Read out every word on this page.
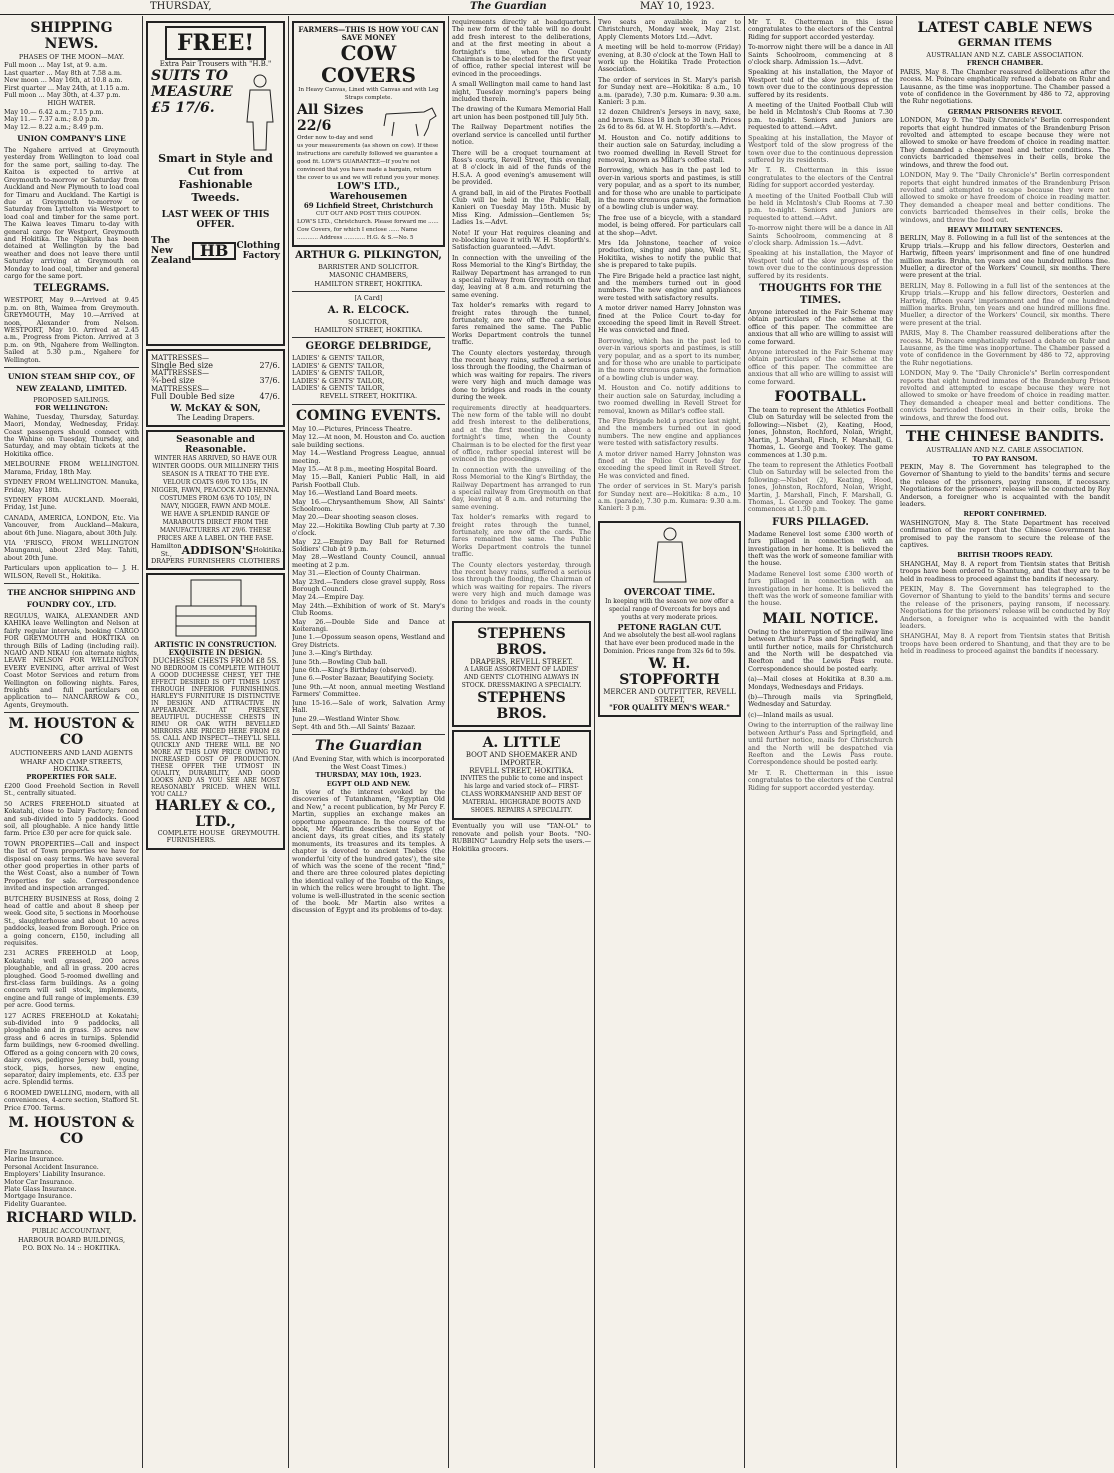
THURSDAY,	The Guardian	MAY 10, 1923.
SHIPPING NEWS.
PHASES OF THE MOON—MAY.
Full moon ... May 1st, at 9. a.m.
Last quarter ... May 8th at 7.58 a.m.
New moon ... May 16th, at 10.8 a.m.
First quarter ... May 24th, at 1.15 a.m.
Full moon ... May 30th, at 4.37 p.m.
HIGH WATER.
May 10.— 6.42 a.m.; 7.15 p.m.
May 11.— 7.37 a.m.; 8.0 p.m.
May 12.— 8.22 a.m.; 8.49 p.m.
UNION COMPANY'S LINE
The Ngahere arrived at Greymouth yesterday from Wellington to load coal for the same port, sailing to-day. The Kaitoa is expected to arrive at Greymouth to-morrow or Saturday from Auckland and New Plymouth to load coal for Timaru and Auckland. The Kartigi is due at Greymouth to-morrow or Saturday from Lyttelton via Westport to load coal and timber for the same port. The Kaiwa leaves Timaru to-day with general cargo for Westport, Greymouth and Hokitika. The Ngakuta has been detained at Wellington by the bad weather and does not leave there until Saturday arriving at Greymouth on Monday to load coal, timber and general cargo for the same port.
TELEGRAMS.
WESTPORT, May 9.—Arrived at 9.45 p.m. on 8th, Waimea from Greymouth. GREYMOUTH, May 10.—Arrived at noon, Alexander from Nelson. WESTPORT, May 10. Arrived at 2.45 a.m., Progress from Picton. Arrived at 3 p.m. on 9th, Ngahere from Wellington. Sailed at 5.30 p.m., Ngahere for Wellington.
UNION STEAM SHIP COY., OF NEW ZEALAND, LIMITED.
PROPOSED SAILINGS.
FOR WELLINGTON:
Wahine, Tuesday, Thursday, Saturday. Maori, Monday, Wednesday, Friday. Coast passengers should connect with the Wahine on Tuesday, Thursday, and Saturday, and may obtain tickets at the Hokitika office.
MELBOURNE FROM WELLINGTON. Marama, Friday, 18th May.
SYDNEY FROM WELLINGTON. Manuka, Friday, May 18th.
SYDNEY FROM AUCKLAND. Moeraki, Friday, 1st June.
CANADA, AMERICA, LONDON, Etc. Via Vancouver, from Auckland—Makura, about 6th June. Niagara, about 30th July.
VIA 'FRISCO, FROM WELLINGTON Maunganui, about 23rd May. Tahiti, about 20th June.
Particulars upon application to— J. H. WILSON, Revell St., Hokitika.
THE ANCHOR SHIPPING AND FOUNDRY COY., LTD.
REGULUS, WAIKA, ALEXANDER AND KAHIKA leave Wellington and Nelson at fairly regular intervals, booking CARGO FOR GREYMOUTH and HOKITIKA on through Bills of Lading (including rail). NGAIO AND NIKAU (on alternate nights, LEAVE NELSON FOR WELLINGTON EVERY EVENING, after arrival of West Coast Motor Services and return from Wellington on following nights. Fares, freights and full particulars on application to— NANCARROW & CO., Agents, Greymouth.
M. HOUSTON & CO
AUCTIONEERS AND LAND AGENTS
WHARF AND CAMP STREETS, HOKITIKA.
PROPERTIES FOR SALE.
£200 Good Freehold Section in Revell St., centrally situated.
50 ACRES FREEHOLD situated at Kokatahi, close to Dairy Factory; fenced and sub-divided into 5 paddocks. Good soil, all ploughable. A nice handy little farm. Price £30 per acre for quick sale.
TOWN PROPERTIES—Call and inspect the list of Town properties we have for disposal on easy terms. We have several other good properties in other parts of the West Coast, also a number of Town Properties for sale. Correspondence invited and inspection arranged.
BUTCHERY BUSINESS at Ross, doing 2 head of cattle and about 8 sheep per week. Good site, 5 sections in Moorhouse St., slaughterhouse and about 10 acres paddocks, leased from Borough. Price on a going concern, £150, including all requisites.
231 ACRES FREEHOLD at Loop, Kokatahi; well grassed, 200 acres ploughable, and all in grass. 200 acres ploughed. Good 5-roomed dwelling and first-class farm buildings. As a going concern will sell stock, implements, engine and full range of implements. £39 per acre. Good terms.
127 ACRES FREEHOLD at Kokatahi; sub-divided into 9 paddocks, all ploughable and in grass. 35 acres new grass and 6 acres in turnips. Splendid farm buildings, new 6-roomed dwelling. Offered as a going concern with 20 cows, dairy cows, pedigree Jersey bull, young stock, pigs, horses, new engine, separator, dairy implements, etc. £33 per acre. Splendid terms.
6 ROOMED DWELLING, modern, with all conveniences, 4-acre section, Stafford St. Price £700. Terms.
M. HOUSTON & CO
Fire Insurance.
Marine Insurance.
Personal Accident Insurance.
Employers' Liability Insurance.
Motor Car Insurance.
Plate Glass Insurance.
Mortgage Insurance.
Fidelity Guarantee.
RICHARD WILD.
PUBLIC ACCOUNTANT,
HARBOUR BOARD BUILDINGS,
P.O. BOX No. 14 :: HOKITIKA.
FREE!
Extra Pair Trousers with "H.B."
SUITS TO
MEASURE
£5 17/6.
Smart in Style and
Cut from Fashionable
Tweeds.
LAST WEEK OF THIS OFFER.
The New
Zealand
HB Clothing
Factory
MATTRESSES—
Single Bed size	27/6.
MATTRESSES—
¾-bed size	37/6.
MATTRESSES—
Full Double Bed size	47/6.
W. McKAY & SON,
The Leading Drapers.
Seasonable and Reasonable.
WINTER HAS ARRIVED, SO HAVE OUR WINTER GOODS. OUR MILLINERY THIS SEASON IS A TREAT TO THE EYE.
VELOUR COATS 69/6 TO 135s, IN NIGGER, FAWN, PEACOCK AND HENNA.
COSTUMES FROM 63/6 TO 105/, IN NAVY, NIGGER, FAWN AND MOLE.
WE HAVE A SPLENDID RANGE OF MARABOUTS DIRECT FROM THE MANUFACTURERS AT 29/6. THESE PRICES ARE A LABEL ON THE FASE.
Hamilton St., ADDISON'S Hokitika.
DRAPERS FURNISHERS CLOTHIERS
ARTISTIC IN CONSTRUCTION.
EXQUISITE IN DESIGN.
DUCHESSE CHESTS FROM £8 5S.
NO BEDROOM IS COMPLETE WITHOUT A GOOD DUCHESSE CHEST, YET THE EFFECT DESIRED IS OFT TIMES LOST THROUGH INFERIOR FURNISHINGS. HARLEY'S FURNITURE IS DISTINCTIVE IN DESIGN AND ATTRACTIVE IN APPEARANCE. AT PRESENT, BEAUTIFUL DUCHESSE CHESTS IN RIMU OR OAK WITH BEVELLED MIRRORS ARE PRICED HERE FROM £8 5S. CALL AND INSPECT—THEY'LL SELL QUICKLY AND THERE WILL BE NO MORE AT THIS LOW PRICE OWING TO INCREASED COST OF PRODUCTION. THESE OFFER THE UTMOST IN QUALITY, DURABILITY, AND GOOD LOOKS AND AS YOU SEE ARE MOST REASONABLY PRICED. WHEN WILL YOU CALL?
HARLEY & CO., LTD.,
COMPLETE HOUSE FURNISHERS.
GREYMOUTH.
FARMERS—THIS IS HOW YOU CAN SAVE MONEY
COW COVERS
In Heavy Canvas, Lined with Canvas and with Leg Straps complete.
All Sizes 22/6
Order now to-day and send us your measurements (as shown on cow). If these instructions are carefully followed we guarantee a good fit. LOW'S GUARANTEE—If you're not convinced that you have made a bargain, return the cover to us and we will refund you your money.
LOW'S LTD., Warehousemen
69 Lichfield Street, Christchurch
CUT OUT AND POST THIS COUPON.
LOW'S LTD., Christchurch. Please forward me ...... Cow Covers, for which I enclose ...... Name ............ Address ............ H.G. & S.—No. 5
ARTHUR G. PILKINGTON,
BARRISTER AND SOLICITOR.
MASONIC CHAMBERS,
HAMILTON STREET, HOKITIKA.
[A Card]
A. R. ELCOCK.
SOLICITOR,
HAMILTON STREET, HOKITIKA.
GEORGE DELBRIDGE,
LADIES' & GENTS' TAILOR,
LADIES' & GENTS' TAILOR,
LADIES' & GENTS' TAILOR,
LADIES' & GENTS' TAILOR,
LADIES' & GENTS' TAILOR,
REVELL STREET, HOKITIKA.
COMING EVENTS.
May 10.—Pictures, Princess Theatre.
May 12.—At noon, M. Houston and Co. auction sale building sections.
May 14.—Westland Progress League, annual meeting.
May 15.—At 8 p.m., meeting Hospital Board.
May 15.—Ball, Kanieri Public Hall, in aid Parish Football Club.
May 16.—Westland Land Board meets.
May 16.—Chrysanthemum Show, All Saints' Schoolroom.
May 20.—Dear shooting season closes.
May 22.—Hokitika Bowling Club party at 7.30 o'clock.
May 22.—Empire Day Ball for Returned Soldiers' Club at 9 p.m.
May 28.—Westland County Council, annual meeting at 2 p.m.
May 31.—Election of County Chairman.
May 23rd.—Tenders close gravel supply, Ross Borough Council.
May 24.—Empire Day.
May 24th.—Exhibition of work of St. Mary's Club Rooms.
May 26.—Double Side and Dance at Koiterangi.
June 1.—Opossum season opens, Westland and Grey Districts.
June 3.—King's Birthday.
June 5th.—Bowling Club ball.
June 6th.—King's Birthday (observed).
June 6.—Poster Bazaar, Beautifying Society.
June 9th.—At noon, annual meeting Westland Farmers' Committee.
June 15-16.—Sale of work, Salvation Army Hall.
June 29.—Westland Winter Show.
Sept. 4th and 5th.—All Saints' Bazaar.
The Guardian
(And Evening Star, with which is incorporated the West Coast Times.)
THURSDAY, MAY 10th, 1923.
EGYPT OLD AND NEW.
In view of the interest evoked by the discoveries of Tutankhamen, "Egyptian Old and New," a recent publication, by Mr Percy F. Martin, supplies an exchange makes an opportune appearance. In the course of the book, Mr Martin describes the Egypt of ancient days, its great cities, and its stately monuments, its treasures and its temples. A chapter is devoted to ancient Thebes (the wonderful 'city of the hundred gates'), the site of which was the scene of the recent "find," and there are three coloured plates depicting the identical valley of the Tombs of the Kings, in which the relics were brought to light. The volume is well-illustrated in the scenic section of the book. Mr Martin also writes a discussion of Egypt and its problems of to-day.
requirements directly at headquarters. The new form of the table will no doubt add fresh interest to the deliberations, and at the first meeting in about a fortnight's time, when the County Chairman is to be elected for the first year of office, rather special interest will be evinced in the proceedings.
A small Wellington mail came to hand last night, Tuesday morning's papers being included therein.
The drawing of the Kumara Memorial Hall art union has been postponed till July 5th.
The Railway Department notifies the overland service is cancelled until further notice.
There will be a croquet tournament at Ross's courts, Revell Street, this evening at 8 o'clock in aid of the funds of the H.S.A. A good evening's amusement will be provided.
A grand ball, in aid of the Pirates Football Club will be held in the Public Hall, Kanieri on Tuesday May 15th. Music by Miss King. Admission—Gentlemen 5s; Ladies 1s.—Advt.
Note! If your Hat requires cleaning and re-blocking leave it with W. H. Stopforth's. Satisfaction guaranteed.—Advt.
In connection with the unveiling of the Ross Memorial to the King's Birthday, the Railway Department has arranged to run a special railway from Greymouth on that day, leaving at 8 a.m. and returning the same evening.
Tax holder's remarks with regard to freight rates through the tunnel, fortunately, are now off the cards. The fares remained the same. The Public Works Department controls the tunnel traffic.
The County electors yesterday, through the recent heavy rains, suffered a serious loss through the flooding, the Chairman of which was waiting for repairs. The rivers were very high and much damage was done to bridges and roads in the county during the week.
requirements directly at headquarters. The new form of the table will no doubt add fresh interest to the deliberations, and at the first meeting in about a fortnight's time, when the County Chairman is to be elected for the first year of office, rather special interest will be evinced in the proceedings.
In connection with the unveiling of the Ross Memorial to the King's Birthday, the Railway Department has arranged to run a special railway from Greymouth on that day, leaving at 8 a.m. and returning the same evening.
Tax holder's remarks with regard to freight rates through the tunnel, fortunately, are now off the cards. The fares remained the same. The Public Works Department controls the tunnel traffic.
The County electors yesterday, through the recent heavy rains, suffered a serious loss through the flooding, the Chairman of which was waiting for repairs. The rivers were very high and much damage was done to bridges and roads in the county during the week.
STEPHENS BROS.
DRAPERS, REVELL STREET.
A LARGE ASSORTMENT OF LADIES' AND GENTS' CLOTHING ALWAYS IN STOCK. DRESSMAKING A SPECIALTY.
STEPHENS BROS.
A. LITTLE
BOOT AND SHOEMAKER AND IMPORTER.
REVELL STREET, HOKITIKA.
INVITES the public to come and inspect his large and varied stock of— FIRST-CLASS WORKMANSHIP AND BEST OF MATERIAL. HIGHGRADE BOOTS AND SHOES. REPAIRS A SPECIALITY.
Eventually you will use "TAN-OL" to renovate and polish your Boots. "NO-RUBBING" Laundry Help sets the users.—Hokitika grocers.
Two seats are available in car to Christchurch, Monday week, May 21st. Apply Clements Motors Ltd.—Advt.
A meeting will be held to-morrow (Friday) evening, at 8.30 o'clock at the Town Hall to work up the Hokitika Trade Protection Association.
The order of services in St. Mary's parish for Sunday next are—Hokitika: 8 a.m., 10 a.m. (parade), 7.30 p.m. Kumara: 9.30 a.m. Kanieri: 3 p.m.
12 dozen Children's Jerseys in navy, saxe, and brown. Sizes 18 inch to 30 inch. Prices 2s 6d to 8s 6d. at W. H. Stopforth's.—Advt.
M. Houston and Co. notify additions to their auction sale on Saturday, including a two roomed dwelling in Revell Street for removal, known as Millar's coffee stall.
Borrowing, which has in the past led to over-in various sports and pastimes, is still very popular, and as a sport to its number, and for those who are unable to participate in the more strenuous games, the formation of a bowling club is under way.
The free use of a bicycle, with a standard model, is being offered. For particulars call at the shop—Advt.
Mrs Ida Johnstone, teacher of voice production, singing and piano, Weld St., Hokitika, wishes to notify the public that she is prepared to take pupils.
The Fire Brigade held a practice last night, and the members turned out in good numbers. The new engine and appliances were tested with satisfactory results.
A motor driver named Harry Johnston was fined at the Police Court to-day for exceeding the speed limit in Revell Street. He was convicted and fined.
Borrowing, which has in the past led to over-in various sports and pastimes, is still very popular, and as a sport to its number, and for those who are unable to participate in the more strenuous games, the formation of a bowling club is under way.
M. Houston and Co. notify additions to their auction sale on Saturday, including a two roomed dwelling in Revell Street for removal, known as Millar's coffee stall.
The Fire Brigade held a practice last night, and the members turned out in good numbers. The new engine and appliances were tested with satisfactory results.
A motor driver named Harry Johnston was fined at the Police Court to-day for exceeding the speed limit in Revell Street. He was convicted and fined.
The order of services in St. Mary's parish for Sunday next are—Hokitika: 8 a.m., 10 a.m. (parade), 7.30 p.m. Kumara: 9.30 a.m. Kanieri: 3 p.m.
OVERCOAT TIME.
In keeping with the season we now offer a special range of Overcoats for boys and youths at very moderate prices.
PETONE RAGLAN CUT.
And we absolutely the best all-wool raglans that have ever been produced made in the Dominion. Prices range from 32s 6d to 59s.
W. H. STOPFORTH
MERCER AND OUTFITTER, REVELL STREET,
"FOR QUALITY MEN'S WEAR."
Mr T. R. Chetterman in this issue congratulates to the electors of the Central Riding for support accorded yesterday.
To-morrow night there will be a dance in All Saints Schoolroom, commencing at 8 o'clock sharp. Admission 1s.—Advt.
Speaking at his installation, the Mayor of Westport told of the slow progress of the town over due to the continuous depression suffered by its residents.
A meeting of the United Football Club will be held in McIntosh's Club Rooms at 7.30 p.m. to-night. Seniors and Juniors are requested to attend.—Advt.
Speaking at his installation, the Mayor of Westport told of the slow progress of the town over due to the continuous depression suffered by its residents.
Mr T. R. Chetterman in this issue congratulates to the electors of the Central Riding for support accorded yesterday.
A meeting of the United Football Club will be held in McIntosh's Club Rooms at 7.30 p.m. to-night. Seniors and Juniors are requested to attend.—Advt.
To-morrow night there will be a dance in All Saints Schoolroom, commencing at 8 o'clock sharp. Admission 1s.—Advt.
Speaking at his installation, the Mayor of Westport told of the slow progress of the town over due to the continuous depression suffered by its residents.
THOUGHTS FOR THE TIMES.
Anyone interested in the Fair Scheme may obtain particulars of the scheme at the office of this paper. The committee are anxious that all who are willing to assist will come forward.
Anyone interested in the Fair Scheme may obtain particulars of the scheme at the office of this paper. The committee are anxious that all who are willing to assist will come forward.
FOOTBALL.
The team to represent the Athletics Football Club on Saturday will be selected from the following:—Nisbet (2), Keating, Hood, Jones, Johnston, Rochford, Nolan, Wright, Martin, J. Marshall, Finch, F. Marshall, G. Thomas, L. George and Tookey. The game commences at 1.30 p.m.
The team to represent the Athletics Football Club on Saturday will be selected from the following:—Nisbet (2), Keating, Hood, Jones, Johnston, Rochford, Nolan, Wright, Martin, J. Marshall, Finch, F. Marshall, G. Thomas, L. George and Tookey. The game commences at 1.30 p.m.
FURS PILLAGED.
Madame Renevel lost some £300 worth of furs pillaged in connection with an investigation in her home. It is believed the theft was the work of someone familiar with the house.
Madame Renevel lost some £300 worth of furs pillaged in connection with an investigation in her home. It is believed the theft was the work of someone familiar with the house.
MAIL NOTICE.
Owing to the interruption of the railway line between Arthur's Pass and Springfield, and until further notice, mails for Christchurch and the North will be despatched via Reefton and the Lewis Pass route. Correspondence should be posted early.
(a)—Mail closes at Hokitika at 8.30 a.m. Mondays, Wednesdays and Fridays.
(b)—Through mails via Springfield, Wednesday and Saturday.
(c)—Inland mails as usual.
Owing to the interruption of the railway line between Arthur's Pass and Springfield, and until further notice, mails for Christchurch and the North will be despatched via Reefton and the Lewis Pass route. Correspondence should be posted early.
Mr T. R. Chetterman in this issue congratulates to the electors of the Central Riding for support accorded yesterday.
LATEST CABLE NEWS
GERMAN ITEMS
AUSTRALIAN AND N.Z. CABLE ASSOCIATION.
FRENCH CHAMBER.
PARIS, May 8. The Chamber reassured deliberations after the recess. M. Poincare emphatically refused a debate on Ruhr and Lausanne, as the time was inopportune. The Chamber passed a vote of confidence in the Government by 486 to 72, approving the Ruhr negotiations.
GERMAN PRISONERS REVOLT.
LONDON, May 9. The "Daily Chronicle's" Berlin correspondent reports that eight hundred inmates of the Brandenburg Prison revolted and attempted to escape because they were not allowed to smoke or have freedom of choice in reading matter. They demanded a cheaper meal and better conditions. The convicts barricaded themselves in their cells, broke the windows, and threw the food out.
LONDON, May 9. The "Daily Chronicle's" Berlin correspondent reports that eight hundred inmates of the Brandenburg Prison revolted and attempted to escape because they were not allowed to smoke or have freedom of choice in reading matter. They demanded a cheaper meal and better conditions. The convicts barricaded themselves in their cells, broke the windows, and threw the food out.
HEAVY MILITARY SENTENCES.
BERLIN, May 8. Following in a full list of the sentences at the Krupp trials.—Krupp and his fellow directors, Oesterlen and Hartwig, fifteen years' imprisonment and fine of one hundred million marks. Bruhn, ten years and one hundred millions fine. Mueller, a director of the Workers' Council, six months. There were present at the trial.
BERLIN, May 8. Following in a full list of the sentences at the Krupp trials.—Krupp and his fellow directors, Oesterlen and Hartwig, fifteen years' imprisonment and fine of one hundred million marks. Bruhn, ten years and one hundred millions fine. Mueller, a director of the Workers' Council, six months. There were present at the trial.
PARIS, May 8. The Chamber reassured deliberations after the recess. M. Poincare emphatically refused a debate on Ruhr and Lausanne, as the time was inopportune. The Chamber passed a vote of confidence in the Government by 486 to 72, approving the Ruhr negotiations.
LONDON, May 9. The "Daily Chronicle's" Berlin correspondent reports that eight hundred inmates of the Brandenburg Prison revolted and attempted to escape because they were not allowed to smoke or have freedom of choice in reading matter. They demanded a cheaper meal and better conditions. The convicts barricaded themselves in their cells, broke the windows, and threw the food out.
THE CHINESE BANDITS.
AUSTRALIAN AND N.Z. CABLE ASSOCIATION.
TO PAY RANSOM.
PEKIN, May 8. The Government has telegraphed to the Governor of Shantung to yield to the bandits' terms and secure the release of the prisoners, paying ransom, if necessary. Negotiations for the prisoners' release will be conducted by Roy Anderson, a foreigner who is acquainted with the bandit leaders.
REPORT CONFIRMED.
WASHINGTON, May 8. The State Department has received confirmation of the report that the Chinese Government has promised to pay the ransom to secure the release of the captives.
BRITISH TROOPS READY.
SHANGHAI, May 8. A report from Tientsin states that British troops have been ordered to Shantung, and that they are to be held in readiness to proceed against the bandits if necessary.
PEKIN, May 8. The Government has telegraphed to the Governor of Shantung to yield to the bandits' terms and secure the release of the prisoners, paying ransom, if necessary. Negotiations for the prisoners' release will be conducted by Roy Anderson, a foreigner who is acquainted with the bandit leaders.
SHANGHAI, May 8. A report from Tientsin states that British troops have been ordered to Shantung, and that they are to be held in readiness to proceed against the bandits if necessary.
